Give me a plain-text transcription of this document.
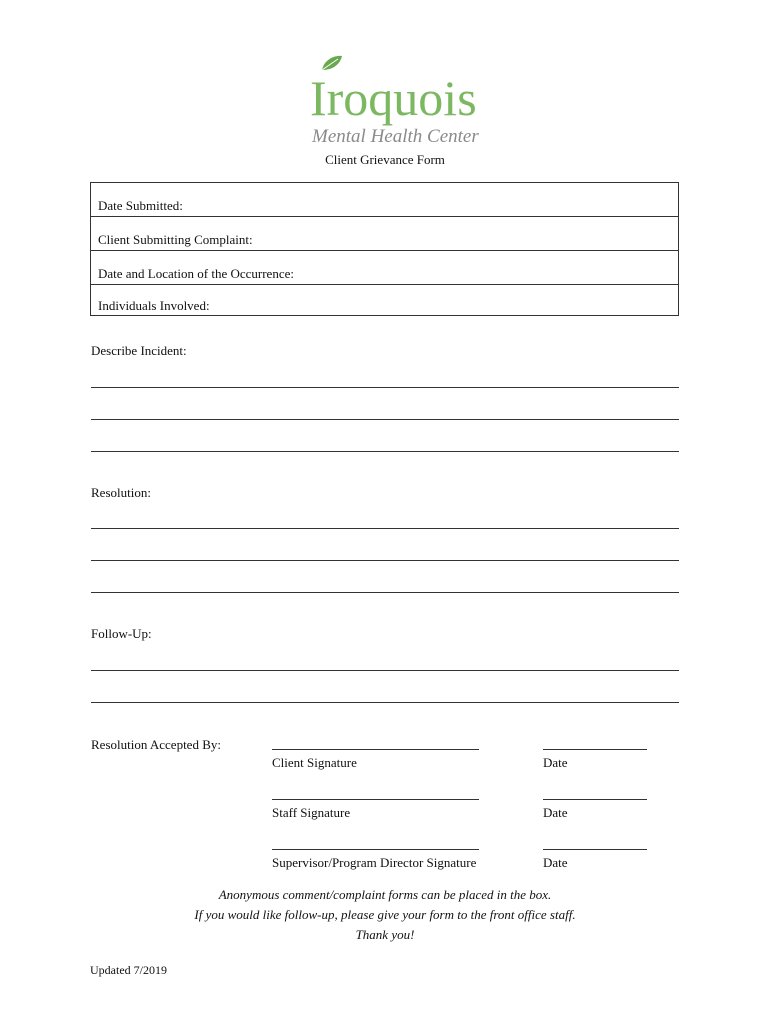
Iroquois
Mental Health Center
Client Grievance Form
Date Submitted:
Client Submitting Complaint:
Date and Location of the Occurrence:
Individuals Involved:
Describe Incident:
Resolution:
Follow-Up:
Resolution Accepted By:
Client Signature	Date
Staff Signature	Date
Supervisor/Program Director Signature	Date
Anonymous comment/complaint forms can be placed in the box.
If you would like follow-up, please give your form to the front office staff.
Thank you!
Updated 7/2019
